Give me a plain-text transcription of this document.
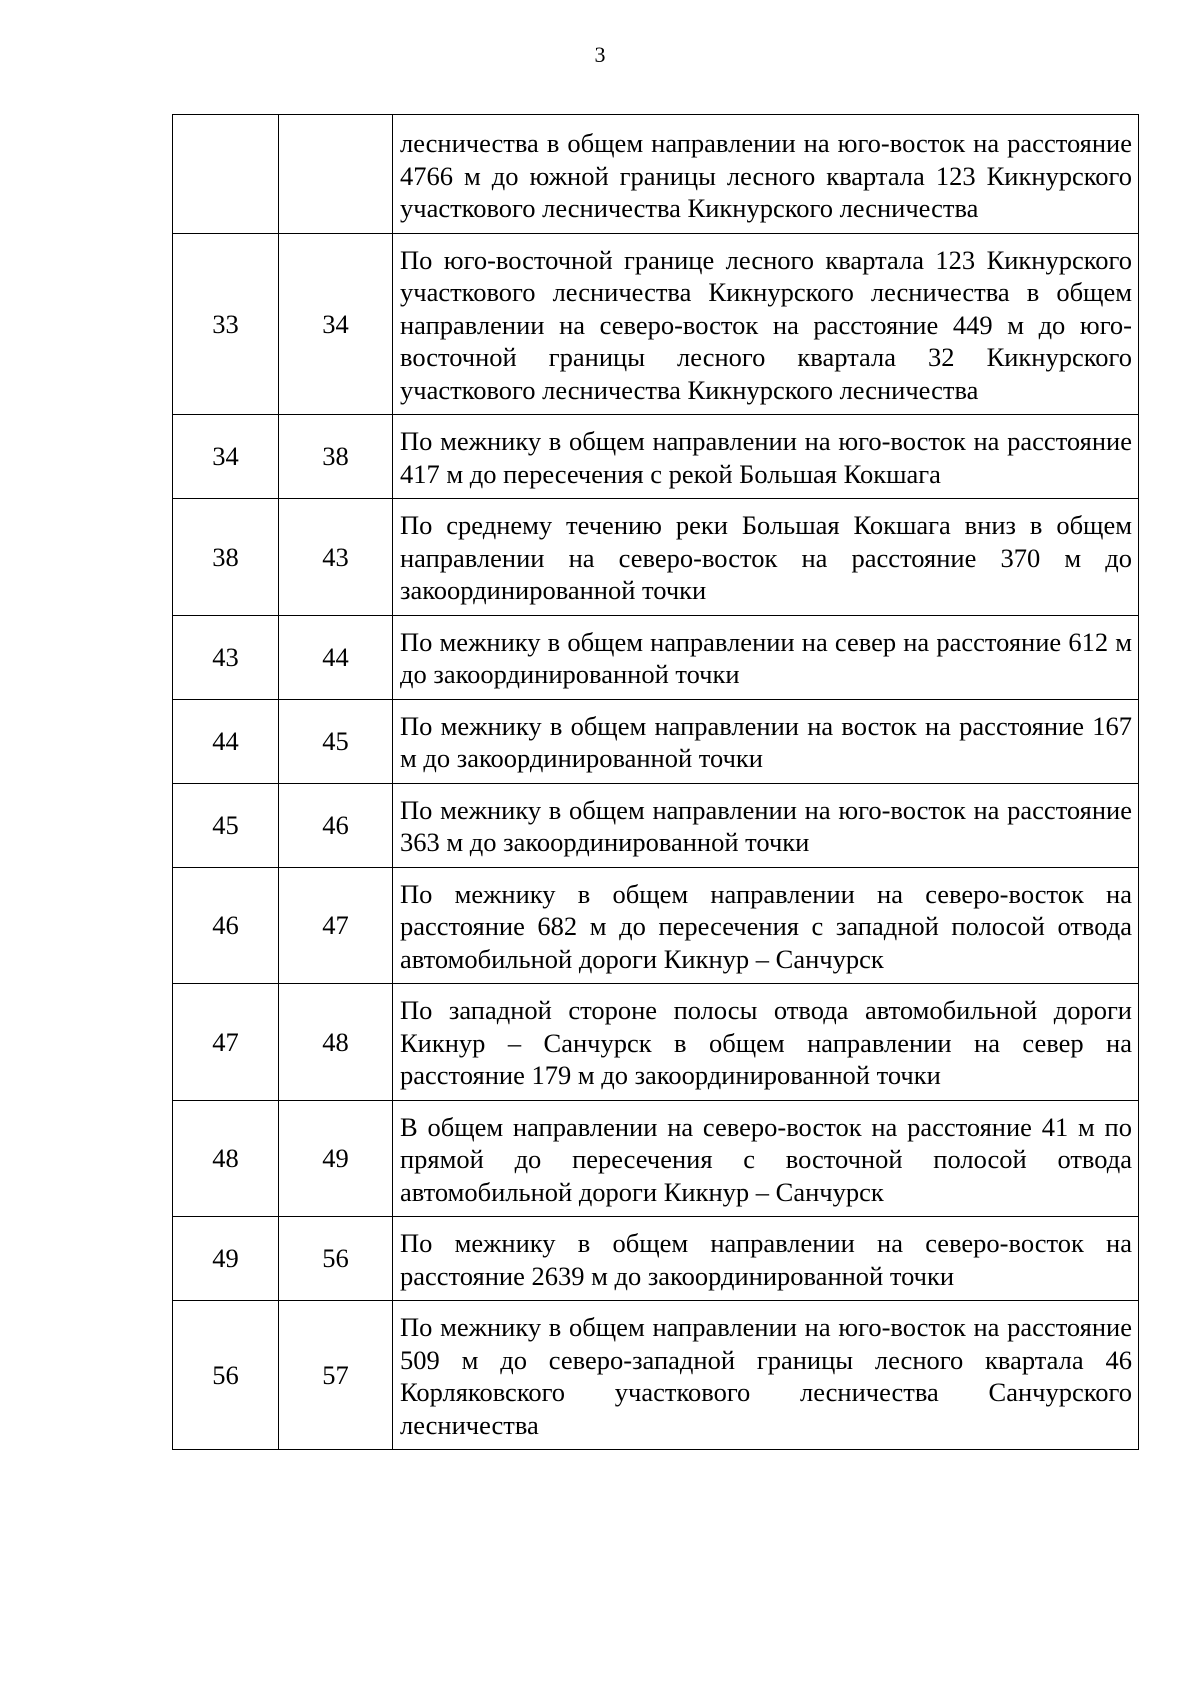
3
		лесничества в общем направлении на юго-восток на расстояние 4766 м до южной границы лесного квартала 123 Кикнурского участкового лесничества Кикнурского лесничества
33	34	По юго-восточной границе лесного квартала 123 Кикнурского участкового лесничества Кикнурского лесничества в общем направлении на северо-восток на расстояние 449 м до юго-восточной границы лесного квартала 32 Кикнурского участкового лесничества Кикнурского лесничества
34	38	По межнику в общем направлении на юго-восток на расстояние 417 м до пересечения с рекой Большая Кокшага
38	43	По среднему течению реки Большая Кокшага вниз в общем направлении на северо-восток на расстояние 370 м до закоординированной точки
43	44	По межнику в общем направлении на север на расстояние 612 м до закоординированной точки
44	45	По межнику в общем направлении на восток на расстояние 167 м до закоординированной точки
45	46	По межнику в общем направлении на юго-восток на расстояние 363 м до закоординированной точки
46	47	По межнику в общем направлении на северо-восток на расстояние 682 м до пересечения с западной полосой отвода автомобильной дороги Кикнур – Санчурск
47	48	По западной стороне полосы отвода автомобильной дороги Кикнур – Санчурск в общем направлении на север на расстояние 179 м до закоординированной точки
48	49	В общем направлении на северо-восток на расстояние 41 м по прямой до пересечения с восточной полосой отвода автомобильной дороги Кикнур – Санчурск
49	56	По межнику в общем направлении на северо-восток на расстояние 2639 м до закоординированной точки
56	57	По межнику в общем направлении на юго-восток на расстояние 509 м до северо-западной границы лесного квартала 46 Корляковского участкового лесничества Санчурского лесничества
